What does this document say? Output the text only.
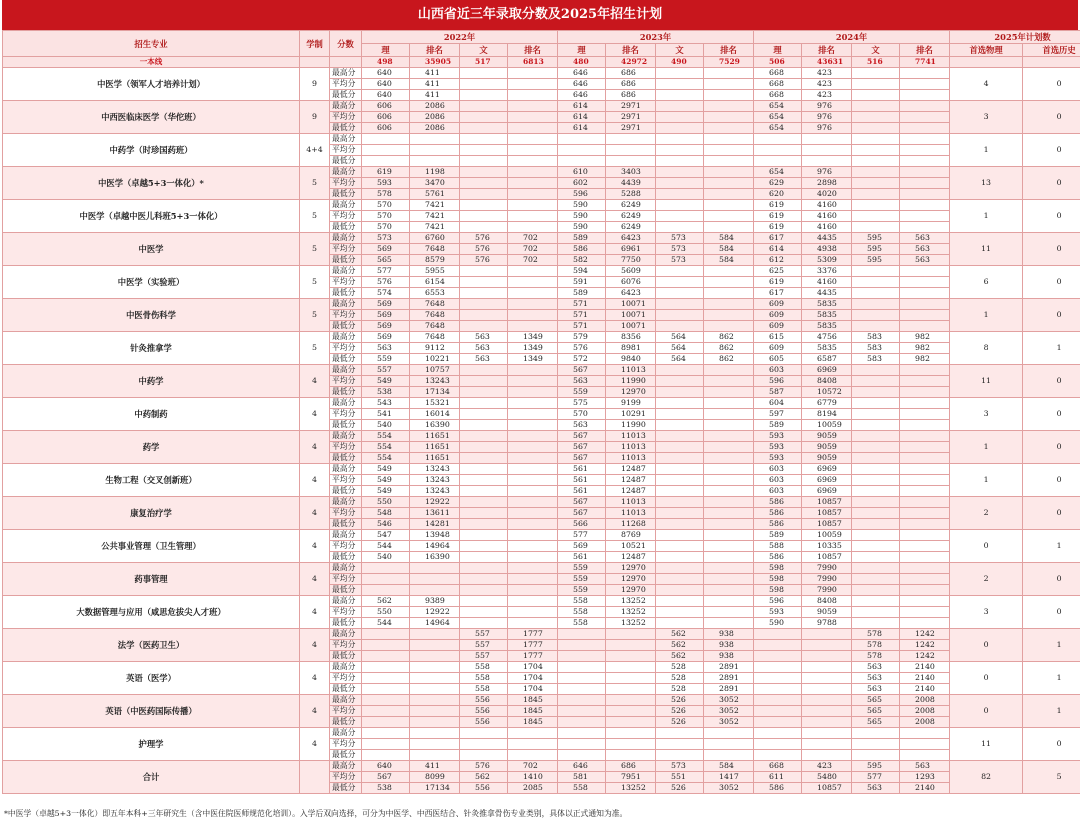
山西省近三年录取分数及2025年招生计划
招生专业	学制	分数	2022年				2023年				2024年				2025年计划数	
			理	排名	文	排名	理	排名	文	排名	理	排名	文	排名	首选物理	首选历史
一本线			498	35905	517	6813	480	42972	490	7529	506	43631	516	7741		
中医学（领军人才培养计划）	9	最高分	640	411			646	686			668	423			4	0
		平均分	640	411			646	686			668	423				
		最低分	640	411			646	686			668	423				
中西医临床医学（华佗班）	9	最高分	606	2086			614	2971			654	976			3	0
		平均分	606	2086			614	2971			654	976				
		最低分	606	2086			614	2971			654	976				
中药学（时珍国药班）	4+4	最高分													1	0
		平均分														
		最低分														
中医学（卓越5+3一体化）*	5	最高分	619	1198			610	3403			654	976			13	0
		平均分	593	3470			602	4439			629	2898				
		最低分	578	5761			596	5288			620	4020				
中医学（卓越中医儿科班5+3一体化）	5	最高分	570	7421			590	6249			619	4160			1	0
		平均分	570	7421			590	6249			619	4160				
		最低分	570	7421			590	6249			619	4160				
中医学	5	最高分	573	6760	576	702	589	6423	573	584	617	4435	595	563	11	0
		平均分	569	7648	576	702	586	6961	573	584	614	4938	595	563		
		最低分	565	8579	576	702	582	7750	573	584	612	5309	595	563		
中医学（实验班）	5	最高分	577	5955			594	5609			625	3376			6	0
		平均分	576	6154			591	6076			619	4160				
		最低分	574	6553			589	6423			617	4435				
中医骨伤科学	5	最高分	569	7648			571	10071			609	5835			1	0
		平均分	569	7648			571	10071			609	5835				
		最低分	569	7648			571	10071			609	5835				
针灸推拿学	5	最高分	569	7648	563	1349	579	8356	564	862	615	4756	583	982	8	1
		平均分	563	9112	563	1349	576	8981	564	862	609	5835	583	982		
		最低分	559	10221	563	1349	572	9840	564	862	605	6587	583	982		
中药学	4	最高分	557	10757			567	11013			603	6969			11	0
		平均分	549	13243			563	11990			596	8408				
		最低分	538	17134			559	12970			587	10572				
中药制药	4	最高分	543	15321			575	9199			604	6779			3	0
		平均分	541	16014			570	10291			597	8194				
		最低分	540	16390			563	11990			589	10059				
药学	4	最高分	554	11651			567	11013			593	9059			1	0
		平均分	554	11651			567	11013			593	9059				
		最低分	554	11651			567	11013			593	9059				
生物工程（交叉创新班）	4	最高分	549	13243			561	12487			603	6969			1	0
		平均分	549	13243			561	12487			603	6969				
		最低分	549	13243			561	12487			603	6969				
康复治疗学	4	最高分	550	12922			567	11013			586	10857			2	0
		平均分	548	13611			567	11013			586	10857				
		最低分	546	14281			566	11268			586	10857				
公共事业管理（卫生管理）	4	最高分	547	13948			577	8769			589	10059			0	1
		平均分	544	14964			569	10521			588	10335				
		最低分	540	16390			561	12487			586	10857				
药事管理	4	最高分					559	12970			598	7990			2	0
		平均分					559	12970			598	7990				
		最低分					559	12970			598	7990				
大数据管理与应用（咸思危拔尖人才班）	4	最高分	562	9389			558	13252			596	8408			3	0
		平均分	550	12922			558	13252			593	9059				
		最低分	544	14964			558	13252			590	9788				
法学（医药卫生）	4	最高分			557	1777			562	938			578	1242	0	1
		平均分			557	1777			562	938			578	1242		
		最低分			557	1777			562	938			578	1242		
英语（医学）	4	最高分			558	1704			528	2891			563	2140	0	1
		平均分			558	1704			528	2891			563	2140		
		最低分			558	1704			528	2891			563	2140		
英语（中医药国际传播）	4	最高分			556	1845			526	3052			565	2008	0	1
		平均分			556	1845			526	3052			565	2008		
		最低分			556	1845			526	3052			565	2008		
护理学	4	最高分													11	0
		平均分														
		最低分														
合计		最高分	640	411	576	702	646	686	573	584	668	423	595	563	82	5
		平均分	567	8099	562	1410	581	7951	551	1417	611	5480	577	1293		
		最低分	538	17134	556	2085	558	13252	526	3052	586	10857	563	2140		
*中医学（卓越5+3一体化）即五年本科+三年研究生（含中医住院医师规范化培训）。入学后双向选择，可分为中医学、中西医结合、针灸推拿骨伤专业类别，具体以正式通知为准。
